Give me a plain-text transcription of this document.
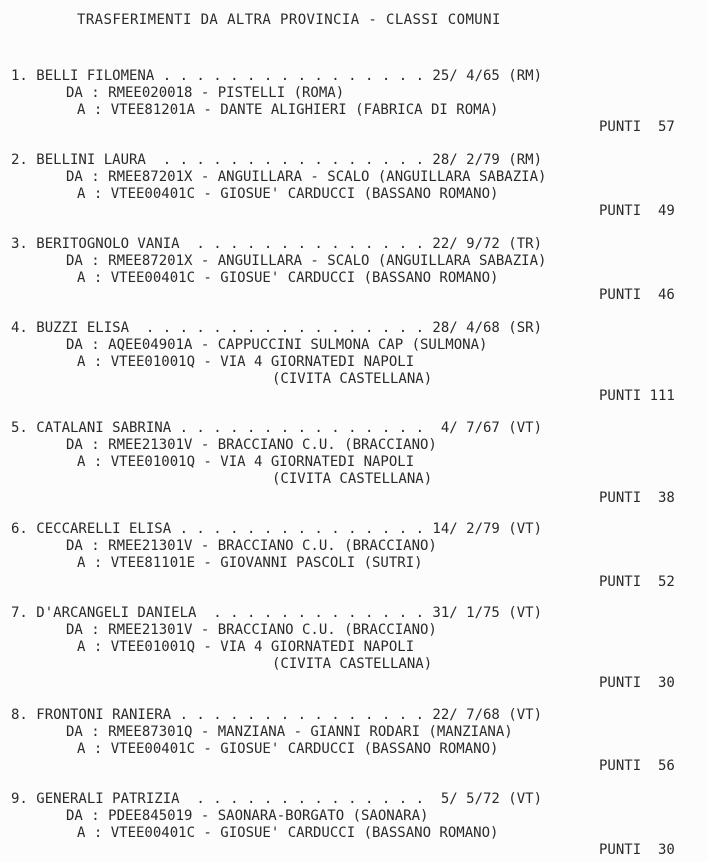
TRASFERIMENTI DA ALTRA PROVINCIA - CLASSI COMUNI
1. BELLI FILOMENA . . . . . . . . . . . . . . . . 25/ 4/65 (RM)
DA : RMEE020018 - PISTELLI (ROMA)
A : VTEE81201A - DANTE ALIGHIERI (FABRICA DI ROMA)
PUNTI  57
2. BELLINI LAURA  . . . . . . . . . . . . . . . . 28/ 2/79 (RM)
DA : RMEE87201X - ANGUILLARA - SCALO (ANGUILLARA SABAZIA)
A : VTEE00401C - GIOSUE' CARDUCCI (BASSANO ROMANO)
PUNTI  49
3. BERITOGNOLO VANIA  . . . . . . . . . . . . . . 22/ 9/72 (TR)
DA : RMEE87201X - ANGUILLARA - SCALO (ANGUILLARA SABAZIA)
A : VTEE00401C - GIOSUE' CARDUCCI (BASSANO ROMANO)
PUNTI  46
4. BUZZI ELISA  . . . . . . . . . . . . . . . . . 28/ 4/68 (SR)
DA : AQEE04901A - CAPPUCCINI SULMONA CAP (SULMONA)
A : VTEE01001Q - VIA 4 GIORNATEDI NAPOLI
(CIVITA CASTELLANA)
PUNTI 111
5. CATALANI SABRINA . . . . . . . . . . . . . . .  4/ 7/67 (VT)
DA : RMEE21301V - BRACCIANO C.U. (BRACCIANO)
A : VTEE01001Q - VIA 4 GIORNATEDI NAPOLI
(CIVITA CASTELLANA)
PUNTI  38
6. CECCARELLI ELISA . . . . . . . . . . . . . . . 14/ 2/79 (VT)
DA : RMEE21301V - BRACCIANO C.U. (BRACCIANO)
A : VTEE81101E - GIOVANNI PASCOLI (SUTRI)
PUNTI  52
7. D'ARCANGELI DANIELA  . . . . . . . . . . . . . 31/ 1/75 (VT)
DA : RMEE21301V - BRACCIANO C.U. (BRACCIANO)
A : VTEE01001Q - VIA 4 GIORNATEDI NAPOLI
(CIVITA CASTELLANA)
PUNTI  30
8. FRONTONI RANIERA . . . . . . . . . . . . . . . 22/ 7/68 (VT)
DA : RMEE87301Q - MANZIANA - GIANNI RODARI (MANZIANA)
A : VTEE00401C - GIOSUE' CARDUCCI (BASSANO ROMANO)
PUNTI  56
9. GENERALI PATRIZIA  . . . . . . . . . . . . . .  5/ 5/72 (VT)
DA : PDEE845019 - SAONARA-BORGATO (SAONARA)
A : VTEE00401C - GIOSUE' CARDUCCI (BASSANO ROMANO)
PUNTI  30
